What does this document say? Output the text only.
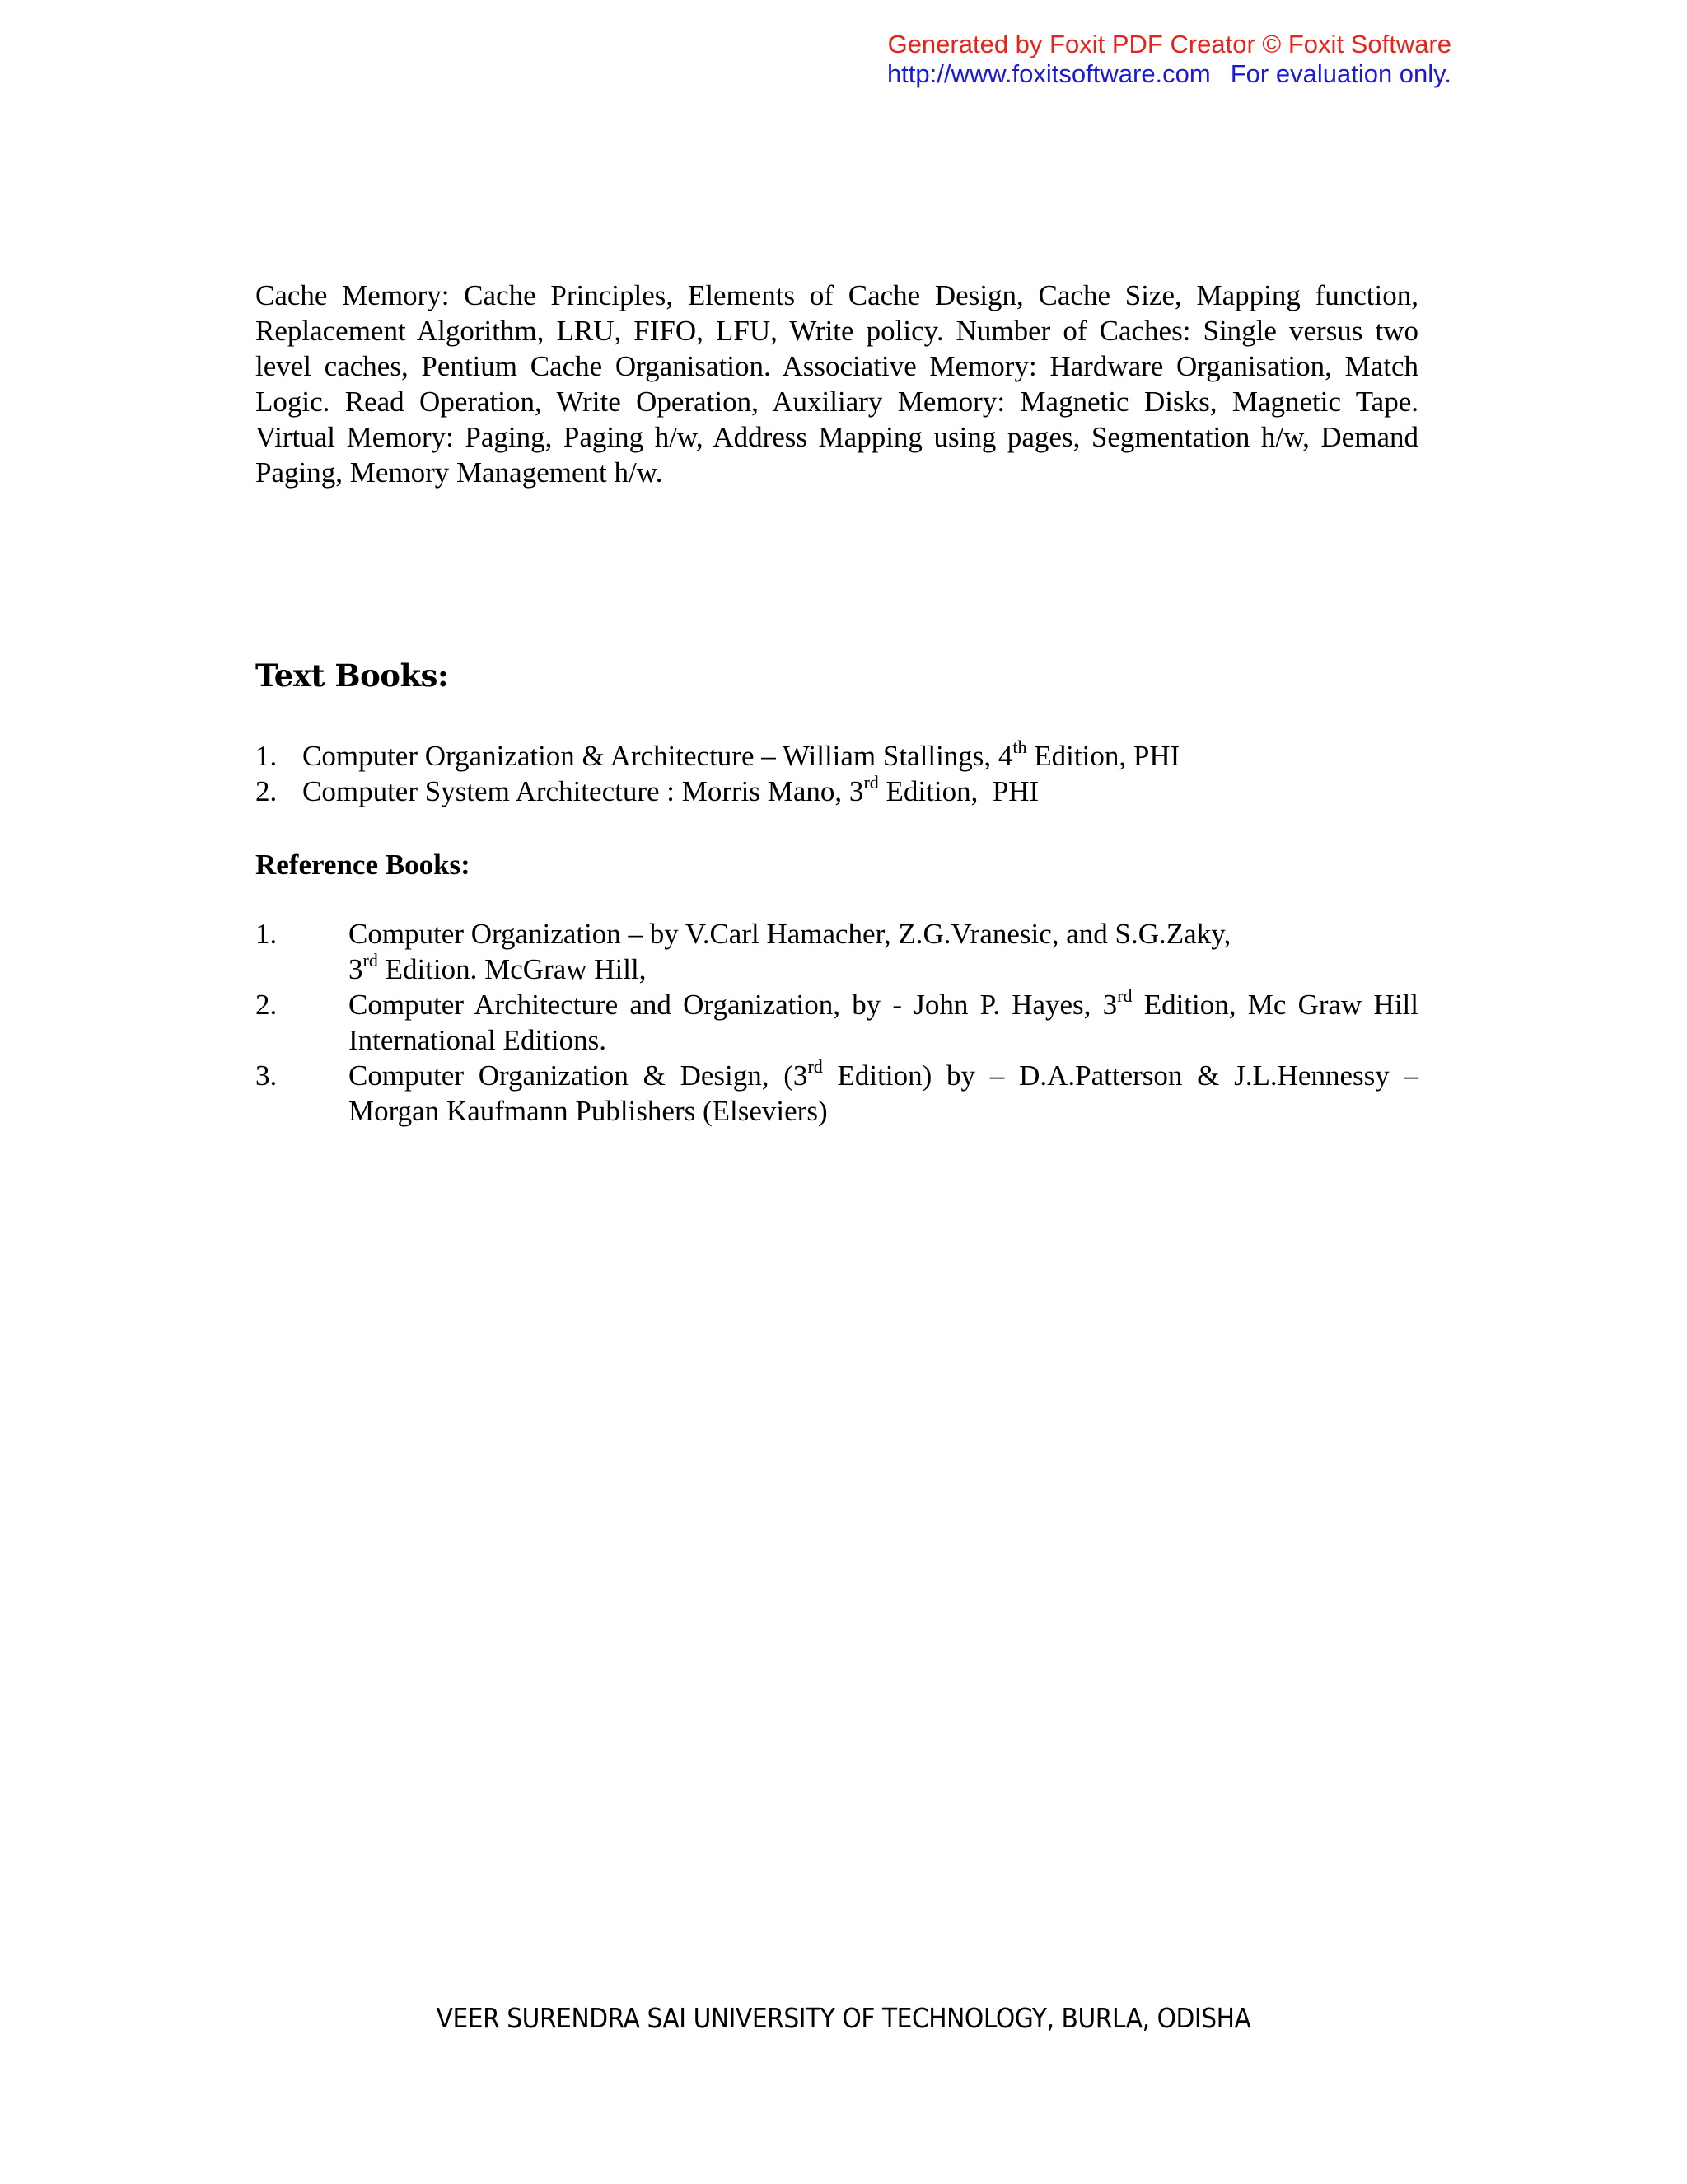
Generated by Foxit PDF Creator © Foxit Software
http://www.foxitsoftware.com For evaluation only.
Cache Memory: Cache Principles, Elements of Cache Design, Cache Size, Mapping function, Replacement Algorithm, LRU, FIFO, LFU, Write policy. Number of Caches: Single versus two level caches, Pentium Cache Organisation. Associative Memory: Hardware Organisation, Match Logic. Read Operation, Write Operation, Auxiliary Memory: Magnetic Disks, Magnetic Tape. Virtual Memory: Paging, Paging h/w, Address Mapping using pages, Segmentation h/w, Demand Paging, Memory Management h/w.
Text Books:
1. Computer Organization & Architecture – William Stallings, 4th Edition, PHI
2. Computer System Architecture : Morris Mano, 3rd Edition,  PHI
Reference Books:
1.	Computer Organization – by V.Carl Hamacher, Z.G.Vranesic, and S.G.Zaky,
3rd Edition. McGraw Hill,
2.	Computer Architecture and Organization, by - John P. Hayes, 3rd Edition, Mc Graw Hill International Editions.
3.	Computer Organization & Design, (3rd Edition) by – D.A.Patterson & J.L.Hennessy – Morgan Kaufmann Publishers (Elseviers)
VEER SURENDRA SAI UNIVERSITY OF TECHNOLOGY, BURLA, ODISHA
